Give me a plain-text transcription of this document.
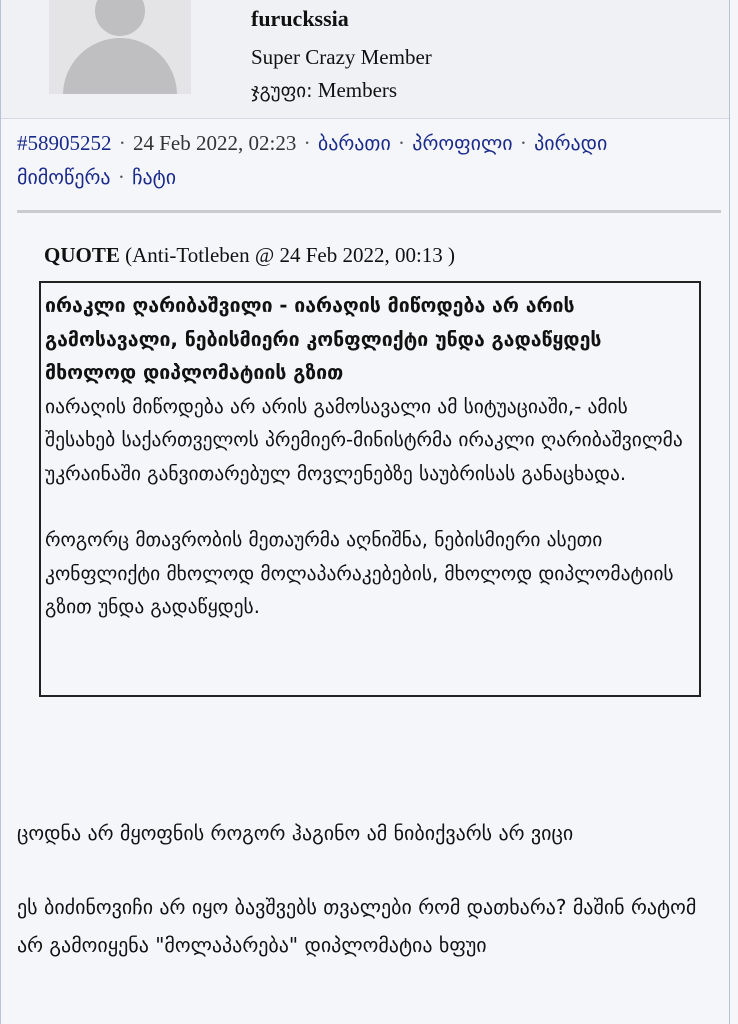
furuckssia
Super Crazy Member
ჯგუფი: Members
#58905252 · 24 Feb 2022, 02:23 · ბარათი · პროფილი · პირადი მიმოწერა · ჩატი
QUOTE (Anti-Totleben @ 24 Feb 2022, 00:13 )

ირაკლი ღარიბაშვილი - იარაღის მიწოდება არ არის გამოსავალი, ნებისმიერი კონფლიქტი უნდა გადაწყდეს მხოლოდ დიპლომატიის გზით

იარაღის მიწოდება არ არის გამოსავალი ამ სიტუაციაში,- ამის შესახებ საქართველოს პრემიერ-მინისტრმა ირაკლი ღარიბაშვილმა უკრაინაში განვითარებულ მოვლენებზე საუბრისას განაცხადა.

როგორც მთავრობის მეთაურმა აღნიშნა, ნებისმიერი ასეთი კონფლიქტი მხოლოდ მოლაპარაკებების, მხოლოდ დიპლომატიის გზით უნდა გადაწყდეს.

ცოდნა არ მყოფნის როგორ ჰაგინო ამ ნიბიქვარს არ ვიცი

ეს ბიძინოვიჩი არ იყო ბავშვებს თვალები რომ დათხარა? მაშინ რატომ არ გამოიყენა "მოლაპარება" დიპლომატია ხფუი
